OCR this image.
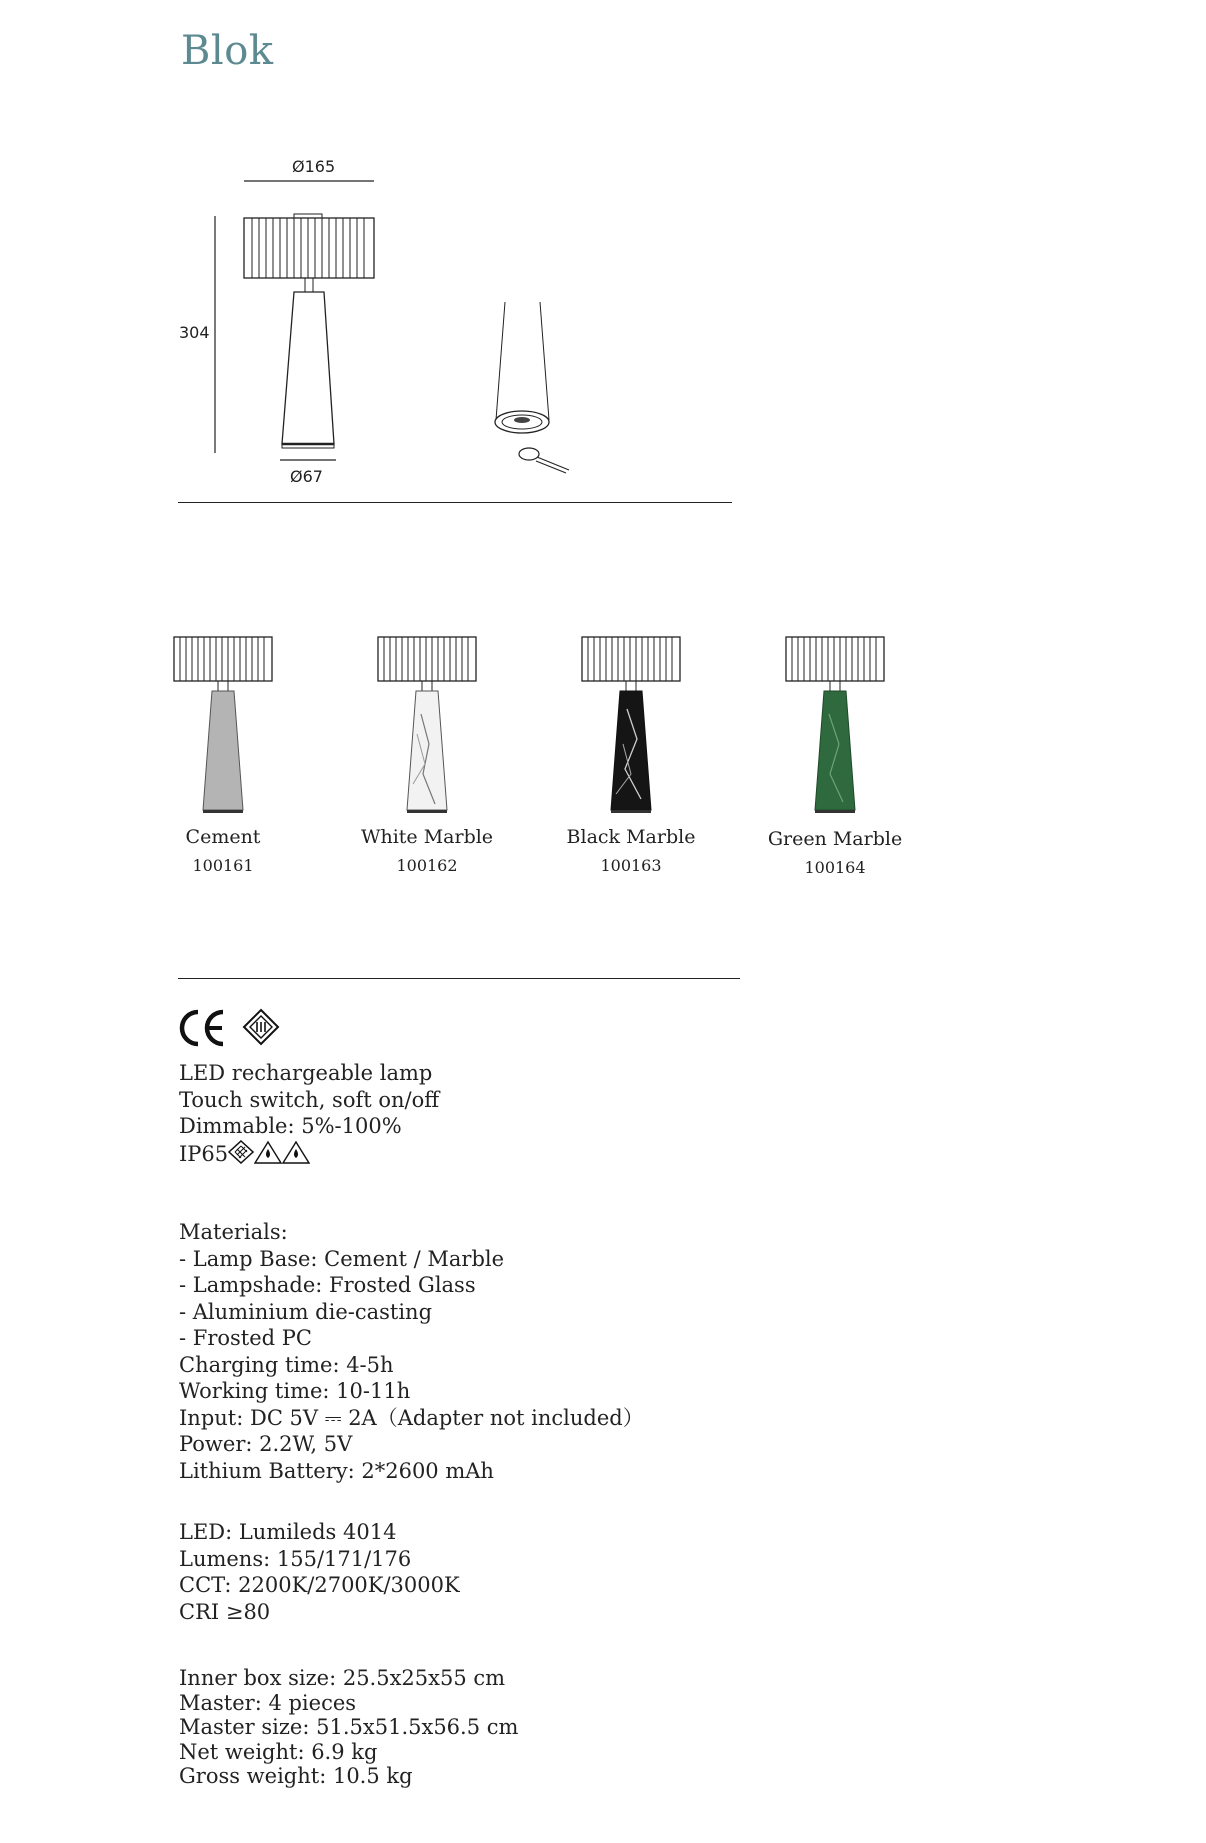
Blok
Ø165
304
Ø67
Cement
100161
White Marble
100162
Black Marble
100163
Green Marble
100164
LED rechargeable lamp
Touch switch, soft on/off
Dimmable: 5%-100%
IP65
Materials:
- Lamp Base: Cement / Marble
- Lampshade: Frosted Glass
- Aluminium die-casting
- Frosted PC
Charging time: 4-5h
Working time: 10-11h
Input: DC 5V ⎓ 2A（Adapter not included）
Power: 2.2W, 5V
Lithium Battery: 2*2600 mAh
LED: Lumileds 4014
Lumens: 155/171/176
CCT: 2200K/2700K/3000K
CRI ≥80
Inner box size: 25.5x25x55 cm
Master: 4 pieces
Master size: 51.5x51.5x56.5 cm
Net weight: 6.9 kg
Gross weight: 10.5 kg
